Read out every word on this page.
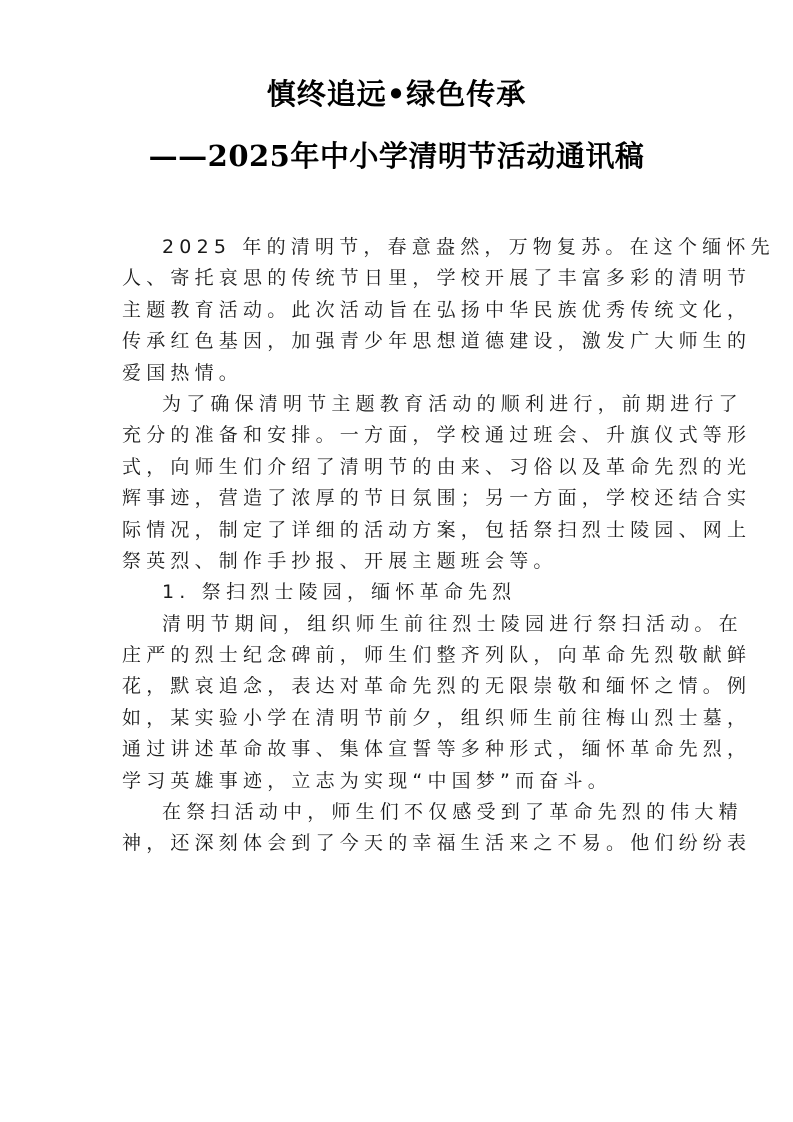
慎终追远•绿色传承
——2025年中小学清明节活动通讯稿
2025 年的清明节，春意盎然，万物复苏。在这个缅怀先
人、寄托哀思的传统节日里，学校开展了丰富多彩的清明节
主题教育活动。此次活动旨在弘扬中华民族优秀传统文化，
传承红色基因，加强青少年思想道德建设，激发广大师生的
爱国热情。
为了确保清明节主题教育活动的顺利进行，前期进行了
充分的准备和安排。一方面，学校通过班会、升旗仪式等形
式，向师生们介绍了清明节的由来、习俗以及革命先烈的光
辉事迹，营造了浓厚的节日氛围；另一方面，学校还结合实
际情况，制定了详细的活动方案，包括祭扫烈士陵园、网上
祭英烈、制作手抄报、开展主题班会等。
1. 祭扫烈士陵园，缅怀革命先烈
清明节期间，组织师生前往烈士陵园进行祭扫活动。在
庄严的烈士纪念碑前，师生们整齐列队，向革命先烈敬献鲜
花，默哀追念，表达对革命先烈的无限崇敬和缅怀之情。例
如，某实验小学在清明节前夕，组织师生前往梅山烈士墓，
通过讲述革命故事、集体宣誓等多种形式，缅怀革命先烈，
学习英雄事迹，立志为实现“中国梦”而奋斗。
在祭扫活动中，师生们不仅感受到了革命先烈的伟大精
神，还深刻体会到了今天的幸福生活来之不易。他们纷纷表
